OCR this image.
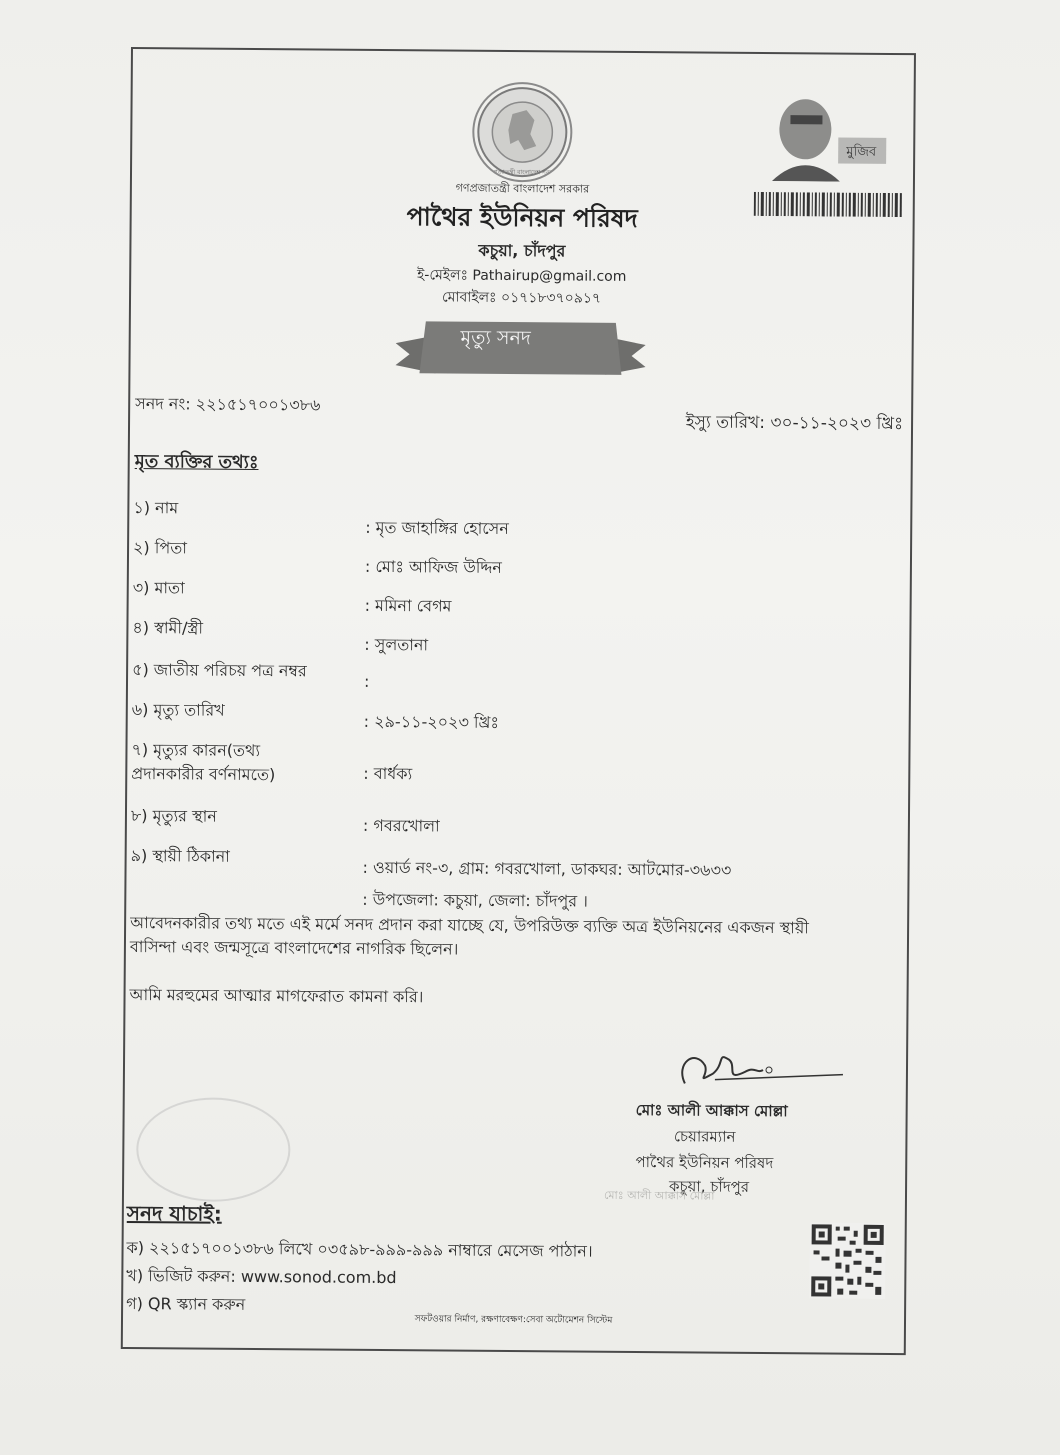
গণপ্রজাতন্ত্রী বাংলাদেশ সরকার
গণপ্রজাতন্ত্রী বাংলাদেশ সরকার
পাথৈর ইউনিয়ন পরিষদ
কচুয়া, চাঁদপুর
ই-মেইলঃ Pathairup@gmail.com
মোবাইলঃ ০১৭১৮৩৭০৯১৭
মৃত্যু সনদ
মুজিব
সনদ নং: ২২১৫১৭০০১৩৮৬
ইস্যু তারিখ: ৩০-১১-২০২৩ খ্রিঃ
মৃত ব্যক্তির তথ্যঃ
১) নাম
: মৃত জাহাঙ্গির হোসেন
২) পিতা
: মোঃ আফিজ উদ্দিন
৩) মাতা
: মমিনা বেগম
৪) স্বামী/স্ত্রী
: সুলতানা
৫) জাতীয় পরিচয় পত্র নম্বর
:
৬) মৃত্যু তারিখ
: ২৯-১১-২০২৩ খ্রিঃ
৭) মৃত্যুর কারন(তথ্য
প্রদানকারীর বর্ণনামতে)	: বার্ধক্য
৮) মৃত্যুর স্থান	: গবরখোলা
৯) স্থায়ী ঠিকানা
: ওয়ার্ড নং-৩, গ্রাম: গবরখোলা, ডাকঘর: আটমোর-৩৬৩৩
: উপজেলা: কচুয়া, জেলা: চাঁদপুর ।
আবেদনকারীর তথ্য মতে এই মর্মে সনদ প্রদান করা যাচ্ছে যে, উপরিউক্ত ব্যক্তি অত্র ইউনিয়নের একজন স্থায়ী
বাসিন্দা এবং জন্মসূত্রে বাংলাদেশের নাগরিক ছিলেন।
আমি মরহুমের আত্মার মাগফেরাত কামনা করি।
মোঃ আলী আক্কাস মোল্লা
চেয়ারম্যান
পাথৈর ইউনিয়ন পরিষদ
কচুয়া, চাঁদপুর
মোঃ আলী আক্কাস মোল্লা
সনদ যাচাই:
ক) ২২১৫১৭০০১৩৮৬ লিখে ০৩৫৯৮-৯৯৯-৯৯৯ নাম্বারে মেসেজ পাঠান।
খ) ভিজিট করুন: www.sonod.com.bd
গ) QR স্ক্যান করুন
সফটওয়ার নির্মাণ, রক্ষণাবেক্ষণ:সেবা অটোমেশন সিস্টেম
